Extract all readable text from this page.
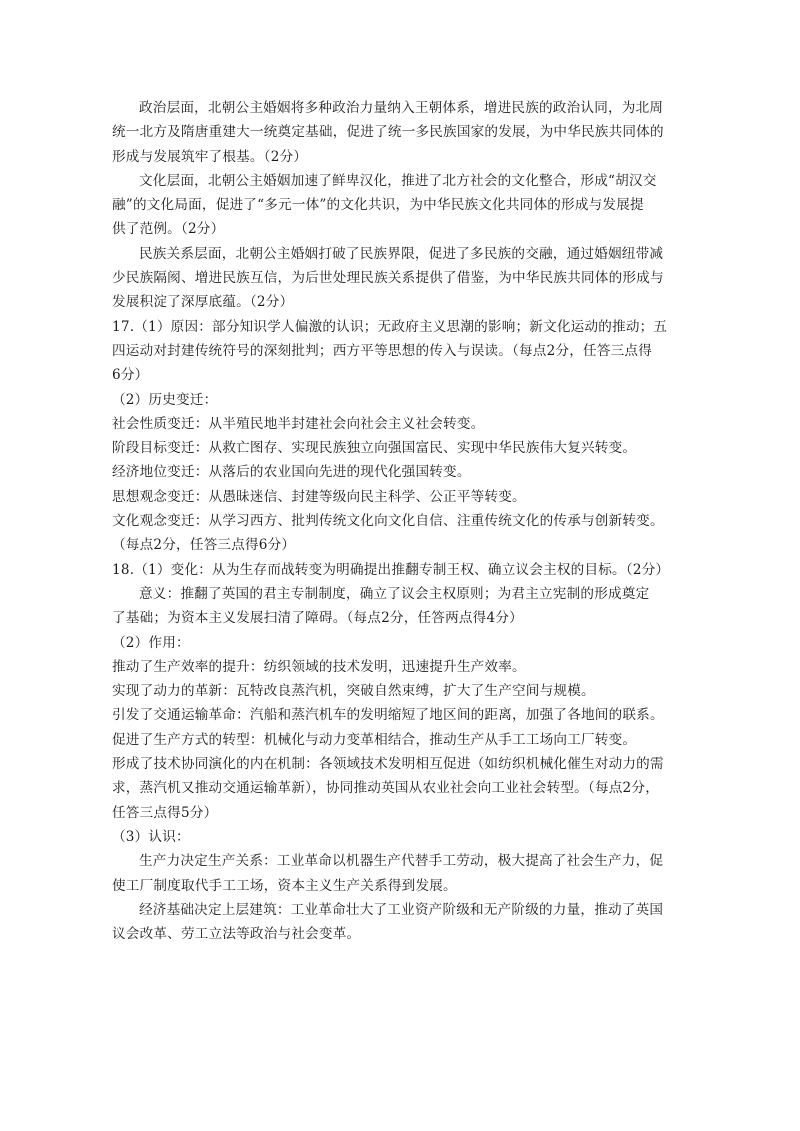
政治层面，北朝公主婚姻将多种政治力量纳入王朝体系，增进民族的政治认同，为北周
统一北方及隋唐重建大一统奠定基础，促进了统一多民族国家的发展，为中华民族共同体的
形成与发展筑牢了根基。（2分）
文化层面，北朝公主婚姻加速了鲜卑汉化，推进了北方社会的文化整合，形成“胡汉交
融”的文化局面，促进了“多元一体”的文化共识，为中华民族文化共同体的形成与发展提
供了范例。（2分）
民族关系层面，北朝公主婚姻打破了民族界限，促进了多民族的交融，通过婚姻纽带减
少民族隔阂、增进民族互信，为后世处理民族关系提供了借鉴，为中华民族共同体的形成与
发展积淀了深厚底蕴。（2分）
17.（1）原因：部分知识学人偏激的认识；无政府主义思潮的影响；新文化运动的推动；五
四运动对封建传统符号的深刻批判；西方平等思想的传入与误读。（每点2分，任答三点得
6分）
（2）历史变迁：
社会性质变迁：从半殖民地半封建社会向社会主义社会转变。
阶段目标变迁：从救亡图存、实现民族独立向强国富民、实现中华民族伟大复兴转变。
经济地位变迁：从落后的农业国向先进的现代化强国转变。
思想观念变迁：从愚昧迷信、封建等级向民主科学、公正平等转变。
文化观念变迁：从学习西方、批判传统文化向文化自信、注重传统文化的传承与创新转变。
（每点2分，任答三点得6分）
18.（1）变化：从为生存而战转变为明确提出推翻专制王权、确立议会主权的目标。（2分）
意义：推翻了英国的君主专制制度，确立了议会主权原则；为君主立宪制的形成奠定
了基础；为资本主义发展扫清了障碍。（每点2分，任答两点得4分）
（2）作用：
推动了生产效率的提升：纺织领域的技术发明，迅速提升生产效率。
实现了动力的革新：瓦特改良蒸汽机，突破自然束缚，扩大了生产空间与规模。
引发了交通运输革命：汽船和蒸汽机车的发明缩短了地区间的距离，加强了各地间的联系。
促进了生产方式的转型：机械化与动力变革相结合，推动生产从手工工场向工厂转变。
形成了技术协同演化的内在机制：各领域技术发明相互促进（如纺织机械化催生对动力的需
求，蒸汽机又推动交通运输革新），协同推动英国从农业社会向工业社会转型。（每点2分，
任答三点得5分）
（3）认识：
生产力决定生产关系：工业革命以机器生产代替手工劳动，极大提高了社会生产力，促
使工厂制度取代手工工场，资本主义生产关系得到发展。
经济基础决定上层建筑：工业革命壮大了工业资产阶级和无产阶级的力量，推动了英国
议会改革、劳工立法等政治与社会变革。
